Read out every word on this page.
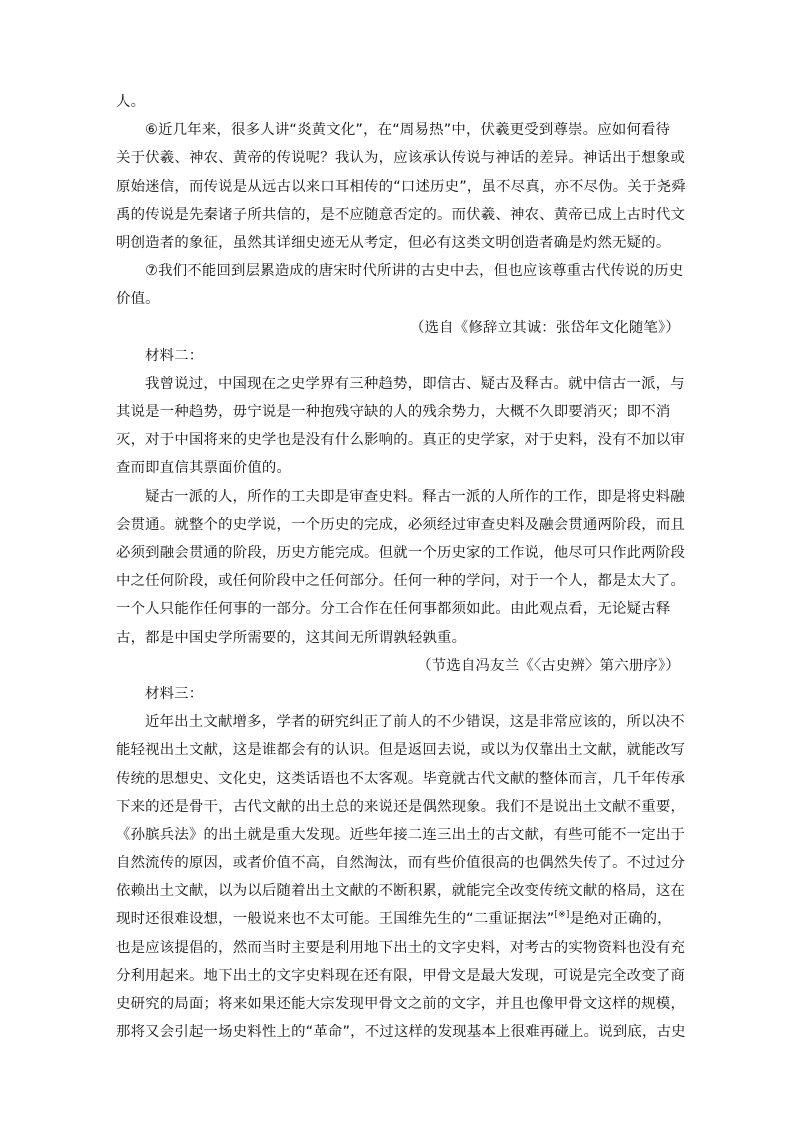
人。
⑥近几年来，很多人讲“炎黄文化”，在“周易热”中，伏羲更受到尊崇。应如何看待
关于伏羲、神农、黄帝的传说呢？我认为，应该承认传说与神话的差异。神话出于想象或
原始迷信，而传说是从远古以来口耳相传的“口述历史”，虽不尽真，亦不尽伪。关于尧舜
禹的传说是先秦诸子所共信的，是不应随意否定的。而伏羲、神农、黄帝已成上古时代文
明创造者的象征，虽然其详细史迹无从考定，但必有这类文明创造者确是灼然无疑的。
⑦我们不能回到层累造成的唐宋时代所讲的古史中去，但也应该尊重古代传说的历史
价值。
（选自《修辞立其诚：张岱年文化随笔》）
材料二：
我曾说过，中国现在之史学界有三种趋势，即信古、疑古及释古。就中信古一派，与
其说是一种趋势，毋宁说是一种抱残守缺的人的残余势力，大概不久即要消灭；即不消
灭，对于中国将来的史学也是没有什么影响的。真正的史学家，对于史料，没有不加以审
查而即直信其票面价值的。
疑古一派的人，所作的工夫即是审查史料。释古一派的人所作的工作，即是将史料融
会贯通。就整个的史学说，一个历史的完成，必须经过审查史料及融会贯通两阶段，而且
必须到融会贯通的阶段，历史方能完成。但就一个历史家的工作说，他尽可只作此两阶段
中之任何阶段，或任何阶段中之任何部分。任何一种的学问，对于一个人，都是太大了。
一个人只能作任何事的一部分。分工合作在任何事都须如此。由此观点看，无论疑古释
古，都是中国史学所需要的，这其间无所谓孰轻孰重。
（节选自冯友兰《〈古史辨〉第六册序》）
材料三：
近年出土文献增多，学者的研究纠正了前人的不少错误，这是非常应该的，所以决不
能轻视出土文献，这是谁都会有的认识。但是返回去说，或以为仅靠出土文献，就能改写
传统的思想史、文化史，这类话语也不太客观。毕竟就古代文献的整体而言，几千年传承
下来的还是骨干，古代文献的出土总的来说还是偶然现象。我们不是说出土文献不重要，
《孙膑兵法》的出土就是重大发现。近些年接二连三出土的古文献，有些可能不一定出于
自然流传的原因，或者价值不高，自然淘汰，而有些价值很高的也偶然失传了。不过过分
依赖出土文献，以为以后随着出土文献的不断积累，就能完全改变传统文献的格局，这在
现时还很难设想，一般说来也不太可能。王国维先生的“二重证据法”[※]是绝对正确的，
也是应该提倡的，然而当时主要是利用地下出土的文字史料，对考古的实物资料也没有充
分利用起来。地下出土的文字史料现在还有限，甲骨文是最大发现，可说是完全改变了商
史研究的局面；将来如果还能大宗发现甲骨文之前的文字，并且也像甲骨文这样的规模，
那将又会引起一场史料性上的“革命”，不过这样的发现基本上很难再碰上。说到底，古史
